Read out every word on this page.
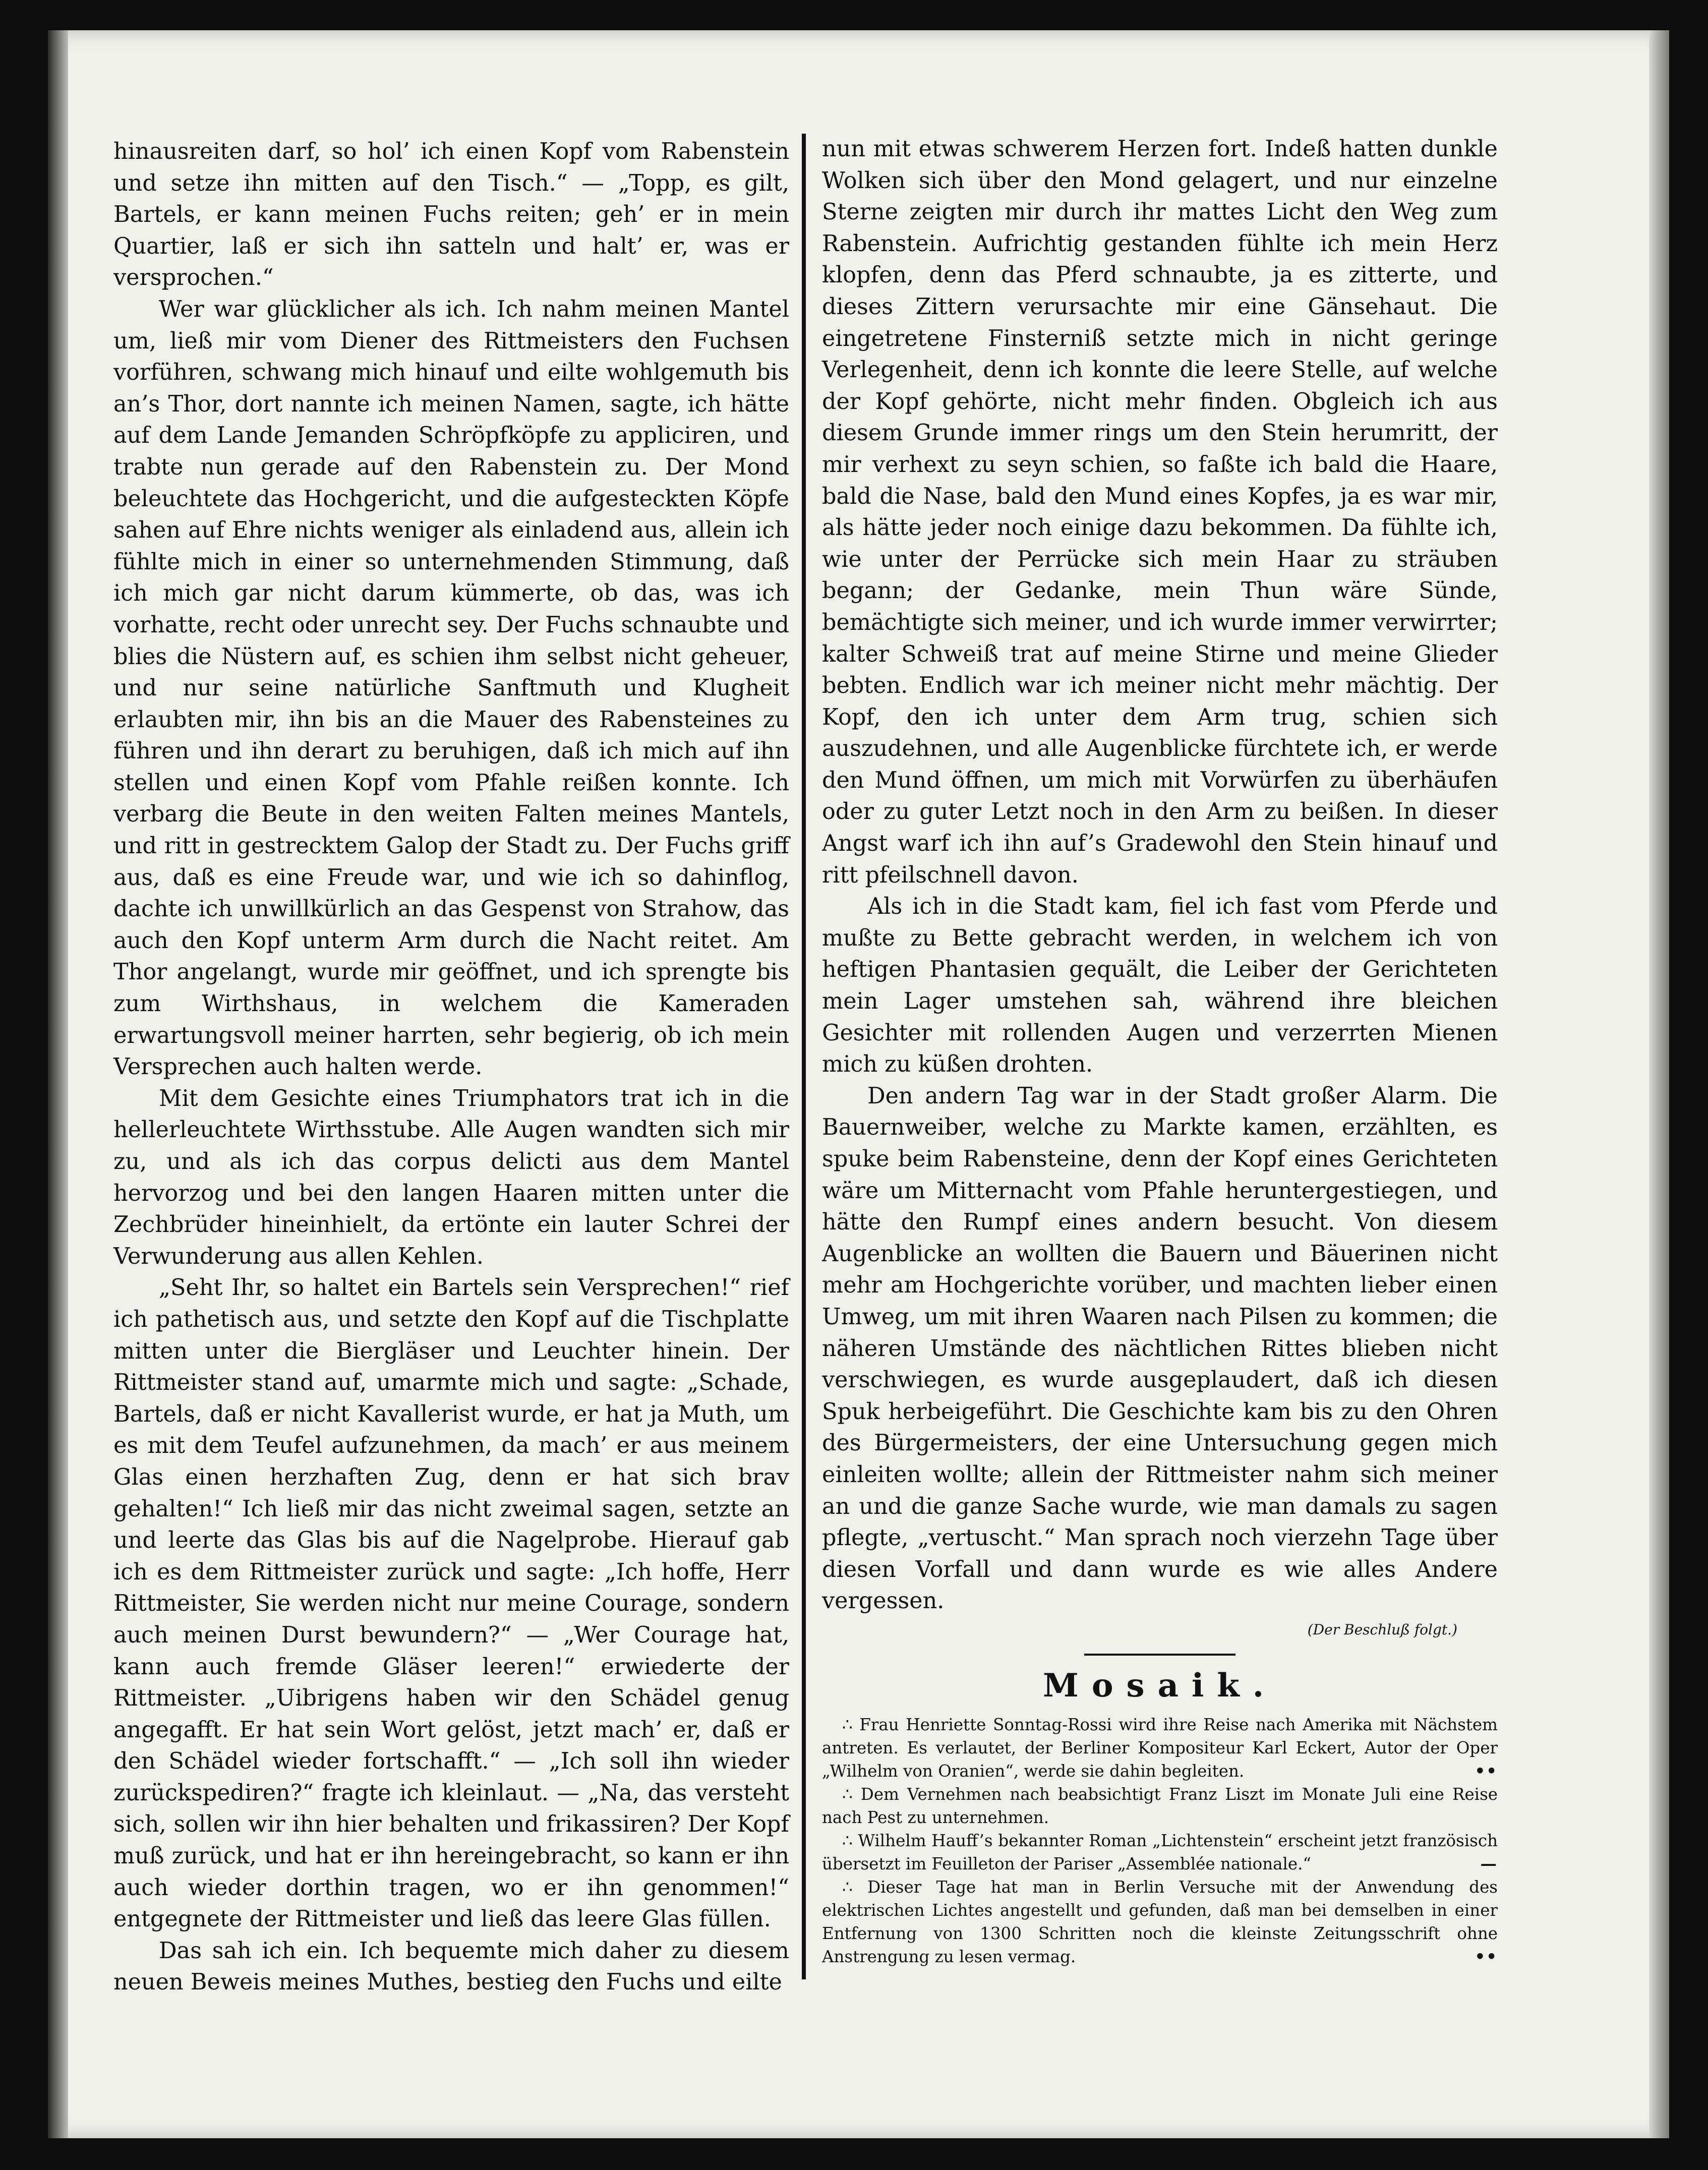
hinausreiten darf, so hol’ ich einen Kopf vom Rabenstein und setze ihn mitten auf den Tisch.“ — „Topp, es gilt, Bartels, er kann meinen Fuchs reiten; geh’ er in mein Quartier, laß er sich ihn satteln und halt’ er, was er versprochen.“

Wer war glücklicher als ich. Ich nahm meinen Mantel um, ließ mir vom Diener des Rittmeisters den Fuchsen vorführen, schwang mich hinauf und eilte wohlgemuth bis an’s Thor, dort nannte ich meinen Namen, sagte, ich hätte auf dem Lande Jemanden Schröpfköpfe zu appliciren, und trabte nun gerade auf den Rabenstein zu. Der Mond beleuchtete das Hochgericht, und die aufgesteckten Köpfe sahen auf Ehre nichts weniger als einladend aus, allein ich fühlte mich in einer so unternehmenden Stimmung, daß ich mich gar nicht darum kümmerte, ob das, was ich vorhatte, recht oder unrecht sey. Der Fuchs schnaubte und blies die Nüstern auf, es schien ihm selbst nicht geheuer, und nur seine natürliche Sanftmuth und Klugheit erlaubten mir, ihn bis an die Mauer des Rabensteines zu führen und ihn derart zu beruhigen, daß ich mich auf ihn stellen und einen Kopf vom Pfahle reißen konnte. Ich verbarg die Beute in den weiten Falten meines Mantels, und ritt in gestrecktem Galop der Stadt zu. Der Fuchs griff aus, daß es eine Freude war, und wie ich so dahinflog, dachte ich unwillkürlich an das Gespenst von Strahow, das auch den Kopf unterm Arm durch die Nacht reitet. Am Thor angelangt, wurde mir geöffnet, und ich sprengte bis zum Wirthshaus, in welchem die Kameraden erwartungsvoll meiner harrten, sehr begierig, ob ich mein Versprechen auch halten werde.

Mit dem Gesichte eines Triumphators trat ich in die hellerleuchtete Wirthsstube. Alle Augen wandten sich mir zu, und als ich das corpus delicti aus dem Mantel hervorzog und bei den langen Haaren mitten unter die Zechbrüder hineinhielt, da ertönte ein lauter Schrei der Verwunderung aus allen Kehlen.

„Seht Ihr, so haltet ein Bartels sein Versprechen!“ rief ich pathetisch aus, und setzte den Kopf auf die Tischplatte mitten unter die Biergläser und Leuchter hinein. Der Rittmeister stand auf, umarmte mich und sagte: „Schade, Bartels, daß er nicht Kavallerist wurde, er hat ja Muth, um es mit dem Teufel aufzunehmen, da mach’ er aus meinem Glas einen herzhaften Zug, denn er hat sich brav gehalten!“ Ich ließ mir das nicht zweimal sagen, setzte an und leerte das Glas bis auf die Nagelprobe. Hierauf gab ich es dem Rittmeister zurück und sagte: „Ich hoffe, Herr Rittmeister, Sie werden nicht nur meine Courage, sondern auch meinen Durst bewundern?“ — „Wer Courage hat, kann auch fremde Gläser leeren!“ erwiederte der Rittmeister. „Uibrigens haben wir den Schädel genug angegafft. Er hat sein Wort gelöst, jetzt mach’ er, daß er den Schädel wieder fortschafft.“ — „Ich soll ihn wieder zurückspediren?“ fragte ich kleinlaut. — „Na, das versteht sich, sollen wir ihn hier behalten und frikassiren? Der Kopf muß zurück, und hat er ihn hereingebracht, so kann er ihn auch wieder dorthin tragen, wo er ihn genommen!“ entgegnete der Rittmeister und ließ das leere Glas füllen.

Das sah ich ein. Ich bequemte mich daher zu diesem neuen Beweis meines Muthes, bestieg den Fuchs und eilte

nun mit etwas schwerem Herzen fort. Indeß hatten dunkle Wolken sich über den Mond gelagert, und nur einzelne Sterne zeigten mir durch ihr mattes Licht den Weg zum Rabenstein. Aufrichtig gestanden fühlte ich mein Herz klopfen, denn das Pferd schnaubte, ja es zitterte, und dieses Zittern verursachte mir eine Gänsehaut. Die eingetretene Finsterniß setzte mich in nicht geringe Verlegenheit, denn ich konnte die leere Stelle, auf welche der Kopf gehörte, nicht mehr finden. Obgleich ich aus diesem Grunde immer rings um den Stein herumritt, der mir verhext zu seyn schien, so faßte ich bald die Haare, bald die Nase, bald den Mund eines Kopfes, ja es war mir, als hätte jeder noch einige dazu bekommen. Da fühlte ich, wie unter der Perrücke sich mein Haar zu sträuben begann; der Gedanke, mein Thun wäre Sünde, bemächtigte sich meiner, und ich wurde immer verwirrter; kalter Schweiß trat auf meine Stirne und meine Glieder bebten. Endlich war ich meiner nicht mehr mächtig. Der Kopf, den ich unter dem Arm trug, schien sich auszudehnen, und alle Augenblicke fürchtete ich, er werde den Mund öffnen, um mich mit Vorwürfen zu überhäufen oder zu guter Letzt noch in den Arm zu beißen. In dieser Angst warf ich ihn auf’s Gradewohl den Stein hinauf und ritt pfeilschnell davon.

Als ich in die Stadt kam, fiel ich fast vom Pferde und mußte zu Bette gebracht werden, in welchem ich von heftigen Phantasien gequält, die Leiber der Gerichteten mein Lager umstehen sah, während ihre bleichen Gesichter mit rollenden Augen und verzerrten Mienen mich zu küßen drohten.

Den andern Tag war in der Stadt großer Alarm. Die Bauernweiber, welche zu Markte kamen, erzählten, es spuke beim Rabensteine, denn der Kopf eines Gerichteten wäre um Mitternacht vom Pfahle heruntergestiegen, und hätte den Rumpf eines andern besucht. Von diesem Augenblicke an wollten die Bauern und Bäuerinen nicht mehr am Hochgerichte vorüber, und machten lieber einen Umweg, um mit ihren Waaren nach Pilsen zu kommen; die näheren Umstände des nächtlichen Rittes blieben nicht verschwiegen, es wurde ausgeplaudert, daß ich diesen Spuk herbeigeführt. Die Geschichte kam bis zu den Ohren des Bürgermeisters, der eine Untersuchung gegen mich einleiten wollte; allein der Rittmeister nahm sich meiner an und die ganze Sache wurde, wie man damals zu sagen pflegte, „vertuscht.“ Man sprach noch vierzehn Tage über diesen Vorfall und dann wurde es wie alles Andere vergessen.

(Der Beschluß folgt.)
Mosaik.

∴ Frau Henriette Sonntag-Rossi wird ihre Reise nach Amerika mit Nächstem antreten. Es verlautet, der Berliner Kompositeur Karl Eckert, Autor der Oper „Wilhelm von Oranien“, werde sie dahin begleiten.	••

∴ Dem Vernehmen nach beabsichtigt Franz Liszt im Monate Juli eine Reise nach Pest zu unternehmen.

∴ Wilhelm Hauff’s bekannter Roman „Lichtenstein“ erscheint jetzt französisch übersetzt im Feuilleton der Pariser „Assemblée nationale.“	—

∴ Dieser Tage hat man in Berlin Versuche mit der Anwendung des elektrischen Lichtes angestellt und gefunden, daß man bei demselben in einer Entfernung von 1300 Schritten noch die kleinste Zeitungsschrift ohne Anstrengung zu lesen vermag.	••
